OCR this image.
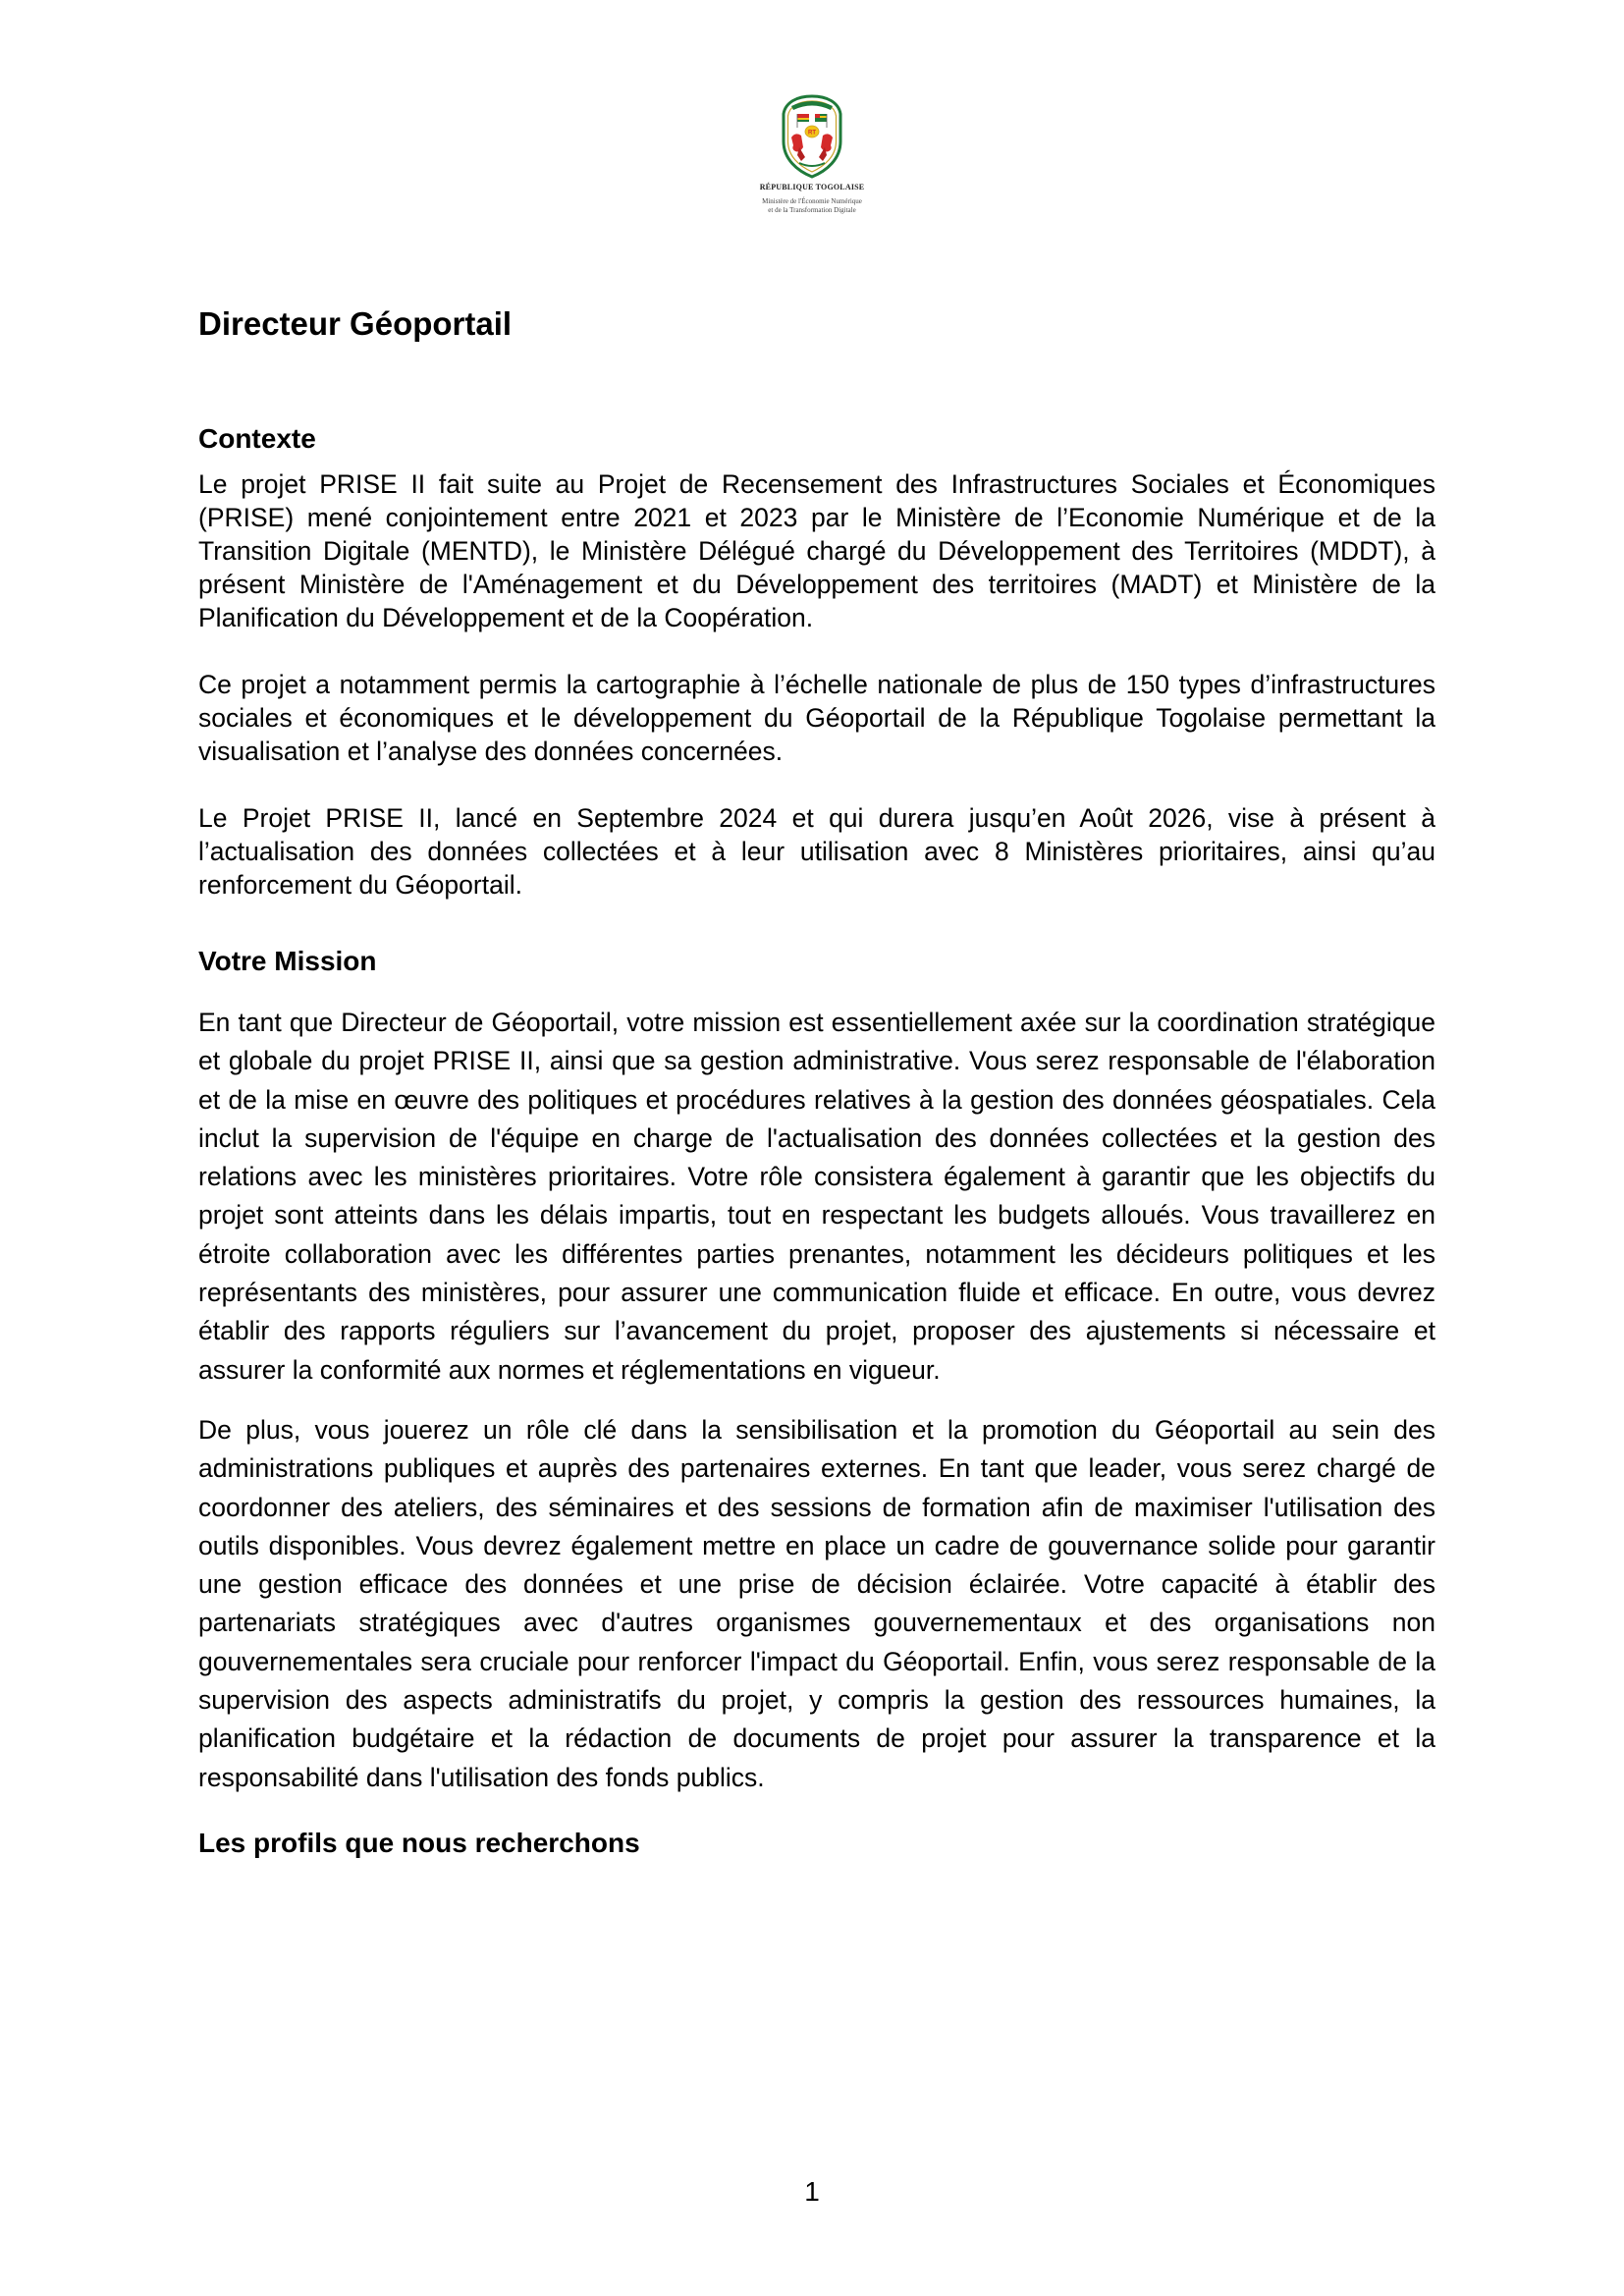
RT
RÉPUBLIQUE TOGOLAISE
Ministère de l'Économie Numérique
et de la Transformation Digitale
Directeur Géoportail
Contexte

Le projet PRISE II fait suite au Projet de Recensement des Infrastructures Sociales et Économiques (PRISE) mené conjointement entre 2021 et 2023 par le Ministère de l’Economie Numérique et de la Transition Digitale (MENTD), le Ministère Délégué chargé du Développement des Territoires (MDDT), à présent Ministère de l'Aménagement et du Développement des territoires (MADT) et Ministère de la Planification du Développement et de la Coopération.

Ce projet a notamment permis la cartographie à l’échelle nationale de plus de 150 types d’infrastructures sociales et économiques et le développement du Géoportail de la République Togolaise permettant la visualisation et l’analyse des données concernées.

Le Projet PRISE II, lancé en Septembre 2024 et qui durera jusqu’en Août 2026, vise à présent à l’actualisation des données collectées et à leur utilisation avec 8 Ministères prioritaires, ainsi qu’au renforcement du Géoportail.

Votre Mission

En tant que Directeur de Géoportail, votre mission est essentiellement axée sur la coordination stratégique et globale du projet PRISE II, ainsi que sa gestion administrative. Vous serez responsable de l'élaboration et de la mise en œuvre des politiques et procédures relatives à la gestion des données géospatiales. Cela inclut la supervision de l'équipe en charge de l'actualisation des données collectées et la gestion des relations avec les ministères prioritaires. Votre rôle consistera également à garantir que les objectifs du projet sont atteints dans les délais impartis, tout en respectant les budgets alloués. Vous travaillerez en étroite collaboration avec les différentes parties prenantes, notamment les décideurs politiques et les représentants des ministères, pour assurer une communication fluide et efficace. En outre, vous devrez établir des rapports réguliers sur l’avancement du projet, proposer des ajustements si nécessaire et assurer la conformité aux normes et réglementations en vigueur.

De plus, vous jouerez un rôle clé dans la sensibilisation et la promotion du Géoportail au sein des administrations publiques et auprès des partenaires externes. En tant que leader, vous serez chargé de coordonner des ateliers, des séminaires et des sessions de formation afin de maximiser l'utilisation des outils disponibles. Vous devrez également mettre en place un cadre de gouvernance solide pour garantir une gestion efficace des données et une prise de décision éclairée. Votre capacité à établir des partenariats stratégiques avec d'autres organismes gouvernementaux et des organisations non gouvernementales sera cruciale pour renforcer l'impact du Géoportail. Enfin, vous serez responsable de la supervision des aspects administratifs du projet, y compris la gestion des ressources humaines, la planification budgétaire et la rédaction de documents de projet pour assurer la transparence et la responsabilité dans l'utilisation des fonds publics.

Les profils que nous recherchons
1
